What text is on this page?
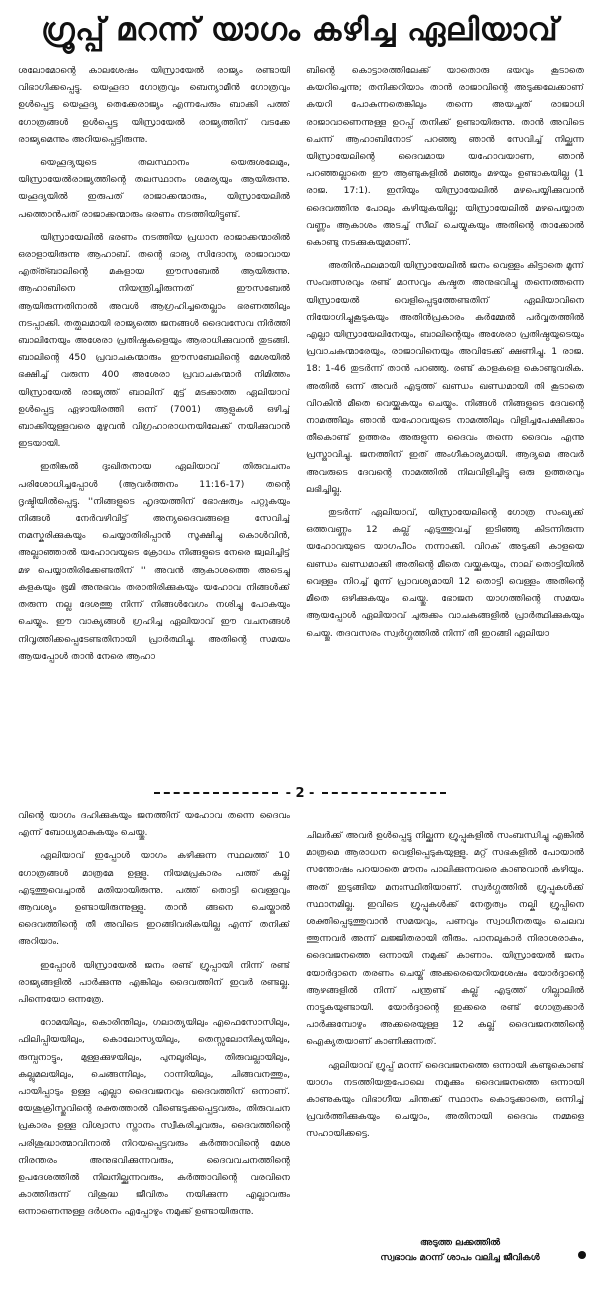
ഗ്രൂപ്പ് മറന്ന് യാഗം കഴിച്ച ഏലിയാവ്

ശലോമോന്റെ കാലശേഷം യിസ്രായേൽ രാജ്യം രണ്ടായി വിഭാഗിക്കപ്പെട്ടു. യെഹൂദാ ഗോത്രവും ബെന്യാമീൻ ഗോത്രവും ഉൾപ്പെട്ട യെഹൂദ്യ തെക്കേരാജ്യം എന്നപേരും ബാക്കി പത്ത് ഗോത്രങ്ങൾ ഉൾപ്പെട്ട യിസ്രായേൽ രാജ്യത്തിന് വടക്കേ രാജ്യമെന്നും അറിയപ്പെട്ടിരുന്നു.

യെഹൂദ്യയുടെ തലസ്ഥാനം യെരുശലേമും, യിസ്രായേൽരാജ്യത്തിന്റെ തലസ്ഥാനം ശമര്യയും ആയിരുന്നു. യഹൂദ്യയിൽ ഇരുപത് രാജാക്കന്മാരും, യിസ്രായേലിൽ പത്തൊൻപത് രാജാക്കന്മാരും ഭരണം നടത്തിയിട്ടുണ്ട്.

യിസ്രായേലിൽ ഭരണം നടത്തിയ പ്രധാന രാജാക്കന്മാരിൽ ഒരാളായിരുന്നു ആഹാബ്. തന്റെ ഭാര്യ സിദോന്യ രാജാവായ എത്ത്ബാലിന്റെ മകളായ ഈസബേൽ ആയിരുന്നു. ആഹാബിനെ നിയന്ത്രിച്ചിരുന്നത് ഈസബേൽ ആയിരുന്നതിനാൽ അവൾ ആഗ്രഹിച്ചതെല്ലാം ഭരണത്തിലും നടപ്പാക്കി. തത്ഫലമായി രാജ്യത്തെ ജനങ്ങൾ ദൈവസേവ നിർത്തി ബാലിനേയും അശേരാ പ്രതിഷ്ഠകളെയും ആരാധിക്കുവാൻ തുടങ്ങി. ബാലിന്റെ 450 പ്രവാചകന്മാരും ഈസബേലിന്റെ മേശയിൽ ഭക്ഷിച്ച് വരുന്ന 400 അശേരാ പ്രവാചകന്മാർ നിമിത്തം യിസ്രായേൽ രാജ്യത്ത് ബാലിന് മുട്ട് മടക്കാത്ത ഏലിയാവ് ഉൾപ്പെട്ട ഏഴായിരത്തി ഒന്ന് (7001) ആളുകൾ ഒഴിച്ച് ബാക്കിയുള്ളവരെ മുഴുവൻ വിഗ്രഹാരാധനയിലേക്ക് നയിക്കുവാൻ ഇടയായി.

ഇതിങ്കൽ ദുഃഖിതനായ ഏലിയാവ് തിരുവചനം പരിശോധിച്ചപ്പോൾ (ആവർത്തനം 11:16-17) തന്റെ ദൃഷ്ടിയിൽപ്പെട്ടു. ''നിങ്ങളുടെ ഹൃദയത്തിന് ഭോഷത്വം പറ്റുകയും നിങ്ങൾ നേർവഴിവിട്ട് അന്യദൈവങ്ങളെ സേവിച്ച് നമസ്കരിക്കുകയും ചെയ്യാതിരിപ്പാൻ സൂക്ഷിച്ചു കൊൾവിൻ, അല്ലാഞ്ഞാൽ യഹോവയുടെ ക്രോധം നിങ്ങളുടെ നേരെ ജ്വലിച്ചിട്ട് മഴ പെയ്യാതിരിക്കേണ്ടതിന് '' അവൻ ആകാശത്തെ അടെച്ചു കളകയും ഭൂമി അനുഭവം തരാതിരിക്കുകയും യഹോവ നിങ്ങൾക്ക് തരുന്ന നല്ല ദേശത്തു നിന്ന് നിങ്ങൾവേഗം നശിച്ചു പോകയും ചെയ്യും. ഈ വാക്യങ്ങൾ ഗ്രഹിച്ച ഏലിയാവ് ഈ വചനങ്ങൾ നിവൃത്തിക്കപ്പെടേണ്ടതിനായി പ്രാർത്ഥിച്ചു. അതിന്റെ സമയം ആയപ്പോൾ താൻ നേരെ ആഹാ

ബിന്റെ കൊട്ടാരത്തിലേക്ക് യാതൊരു ഭയവും കൂടാതെ കയറിച്ചെന്നു; തനിക്കറിയാം താൻ രാജാവിന്റെ അടുക്കലേക്കാണ് കയറി പോകുന്നതെങ്കിലും തന്നെ അയച്ചത് രാജാധി രാജാവാണെന്നുള്ള ഉറപ്പ് തനിക്ക് ഉണ്ടായിരുന്നു. താൻ അവിടെ ചെന്ന് ആഹാബിനോട് പറഞ്ഞു ഞാൻ സേവിച്ച് നില്ക്കുന്ന യിസ്രായേലിന്റെ ദൈവമായ യഹോവയാണ, ഞാൻ പറഞ്ഞല്ലാതെ ഈ ആണ്ടുകളിൽ മഞ്ഞും മഴയും ഉണ്ടാകയില്ല (1 രാജ. 17:1). ഇനിയും യിസ്രായേലിൽ മഴപെയ്യിക്കുവാൻ ദൈവത്തിനു പോലും കഴിയുകയില്ല; യിസ്രായേലിൽ മഴപെയ്യാത വണ്ണം ആകാശം അടച്ച് സീല് ചെയ്യുകയും അതിന്റെ താക്കോൽ കൊണ്ടു നടക്കുകയുമാണ്.

അതിൻഫലമായി യിസ്രായേലിൽ ജനം വെള്ളം കിട്ടാതെ മൂന്ന് സംവത്സരവും രണ്ട് മാസവും കഷ്ടത അനുഭവിച്ചു തന്നെത്തന്നെ യിസ്രായേൽ വെളിപ്പെടുത്തേണ്ടതിന് ഏലിയാവിനെ നിയോഗിച്ചുകൂടുകയും അതിൻപ്രകാരം കർമ്മേൽ പർവ്വതത്തിൽ എല്ലാ യിസ്രായേലിനേയും, ബാലിന്റെയും അശേരാ പ്രതിഷ്ഠയുടെയും പ്രവാചകന്മാരേയും, രാജാവിനെയും അവിടേക്ക് ക്ഷണിച്ചു. 1 രാജ. 18: 1-46 തുടർന്ന് താൻ പറഞ്ഞു. രണ്ട് കാളകളെ കൊണ്ടുവരിക. അതിൽ ഒന്ന് അവർ എടുത്ത് ഖണ്ഡം ഖണ്ഡമായി തി കൂടാതെ വിറകിൻ മീതെ വെയ്ക്കുകയും ചെയ്യും. നിങ്ങൾ നിങ്ങളുടെ ദേവന്റെ നാമത്തിലും ഞാൻ യഹോവയുടെ നാമത്തിലും വിളിച്ചപേക്ഷിക്കാം തീകൊണ്ട് ഉത്തരം അരുളുന്ന ദൈവം തന്നെ ദൈവം എന്നു പ്രസ്താവിച്ചു. ജനത്തിന് ഇത് അംഗീകാര്യമായി. ആദ്യമെ അവർ അവരുടെ ദേവന്റെ നാമത്തിൽ നിലവിളിച്ചിട്ടു ഒരു ഉത്തരവും ലഭിച്ചില്ല.

തുടർന്ന് ഏലിയാവ്, യിസ്രായേലിന്റെ ഗോത്ര സംഖ്യക്ക് ഒത്തവണ്ണം 12 കല്ല് എടുത്തുവച്ച് ഇടിഞ്ഞു കിടന്നിരുന്ന യഹോവയുടെ യാഗപീഠം നന്നാക്കി. വിറക് അടുക്കി കാളയെ ഖണ്ഡം ഖണ്ഡമാക്കി അതിന്റെ മീതെ വയ്ക്കുകയും, നാല് തൊട്ടിയിൽ വെള്ളം നിറച്ച് മൂന്ന് പ്രാവശ്യമായി 12 തൊട്ടി വെള്ളം അതിന്റെ മീതെ ഒഴിക്കുകയും ചെയ്തു. ഭോജന യാഗത്തിന്റെ സമയം ആയപ്പോൾ ഏലിയാവ് ചുരുക്കം വാചകങ്ങളിൽ പ്രാർത്ഥിക്കുകയും ചെയ്തു. തദവസരം സ്വർഗ്ഗത്തിൽ നിന്ന് തീ ഇറങ്ങി ഏലിയാ

- 2 -

വിന്റെ യാഗം ദഹിക്കുകയും ജനത്തിന് യഹോവ തന്നെ ദൈവം എന്ന് ബോധ്യമാകുകയും ചെയ്തു.

ഏലിയാവ് ഇപ്പോൾ യാഗം കഴിക്കുന്ന സ്ഥലത്ത് 10 ഗോത്രങ്ങൾ മാത്രമേ ഉള്ളു. നിയമപ്രകാരം പത്ത് കല്ല് എടുത്തുവെച്ചാൽ മതിയായിരുന്നു. പത്ത് തൊട്ടി വെള്ളവും ആവശ്യം ഉണ്ടായിരുന്നുള്ളു. താൻ ങ്ങനെ ചെയ്താൽ ദൈവത്തിന്റെ തീ അവിടെ ഇറങ്ങിവരികയില്ല എന്ന് തനിക്ക് അറിയാം.

ഇപ്പോൾ യിസ്രായേൽ ജനം രണ്ട് ഗ്രൂപ്പായി നിന്ന് രണ്ട് രാജ്യങ്ങളിൽ പാർക്കുന്നു എങ്കിലും ദൈവത്തിന് ഇവർ രണ്ടല്ല. പിന്നെയോ ഒന്നത്രേ.

റോമയിലും, കൊരിന്തിലും, ഗലാത്യയിലും എഫെസോസിലും, ഫിലിപ്പിയയിലും, കൊലോസ്യയിലും, തെസ്സലോനിക്യയിലും, രുമ്പ്പനാട്ടും, മുള്ളക്കുഴയിലും, പുനലൂരിലും, തിരുവല്ലായിലും, കല്ലുമലയിലും, ചെങ്ങന്നിലും, റാന്നിയിലും, ചിങ്ങവനത്തും, പായിപ്പാടും ഉള്ള എല്ലാ ദൈവജനവും ദൈവത്തിന് ഒന്നാണ്. യേശുക്രിസ്തുവിന്റെ രക്തത്താൽ വീണ്ടെടുക്കപ്പെട്ടവരും, തിരുവചന പ്രകാരം ഉള്ള വിശ്വാസ സ്നാനം സ്വീകരിച്ചവരും, ദൈവത്തിന്റെ പരിശുദ്ധാത്മാവിനാൽ നിറയപ്പെട്ടവരും കർത്താവിന്റെ മേശ നിരന്തരം അനുഭവിക്കുന്നവരും, ദൈവവചനത്തിന്റെ ഉപദേശത്തിൽ നിലനില്ക്കുന്നവരും, കർത്താവിന്റെ വരവിനെ കാത്തിരുന്ന് വിശുദ്ധ ജീവിതം നയിക്കുന്ന എല്ലാവരും ഒന്നാണെന്നുള്ള ദർശനം എപ്പോഴും നമുക്ക് ഉണ്ടായിരുന്നു.

ചിലർക്ക് അവർ ഉൾപ്പെട്ടു നില്ക്കുന്ന ഗ്രൂപ്പുകളിൽ സംബന്ധിച്ചു എങ്കിൽ മാത്രമെ ആരാധന വെളിപ്പെടുകയുള്ളു. മറ്റ് സഭകളിൽ പോയാൽ സന്തോഷം പറയാതെ മൗനം പാലിക്കുന്നവരെ കാണുവാൻ കഴിയും. അത് ഇടുങ്ങിയ മനഃസ്ഥിതിയാണ്. സ്വർഗ്ഗത്തിൽ ഗ്രൂപ്പുകൾക്ക് സ്ഥാനമില്ല. ഇവിടെ ഗ്രൂപ്പുകൾക്ക് നേതൃത്വം നല്കി ഗ്രൂപ്പിനെ ശക്തിപ്പെടുത്തുവാൻ സമയവും, പണവും സ്വാധീനതയും ചെലവ ത്തുന്നവർ അന്ന് ലജ്ജിതരായി തീരും. പാനലുകാർ നിരാശരാകും, ദൈവജനത്തെ ഒന്നായി നമുക്ക് കാണാം. യിസ്രായേൽ ജനം യോർദ്ദാനെ തരണം ചെയ്ത് അക്കരെയെറിയശേഷം യോർദ്ദാന്റെ ആഴങ്ങളിൽ നിന്ന് പന്ത്രണ്ട് കല്ല് എടുത്ത് ഗില്ഗാലിൽ നാട്ടുകയുണ്ടായി. യോർദ്ദാന്റെ ഇക്കരെ രണ്ട് ഗോത്രക്കാർ പാർക്കുമ്പോഴും അക്കരെയുള്ള 12 കല്ല് ദൈവജനത്തിന്റെ ഐക്യതയാണ് കാണിക്കുന്നത്.

ഏലിയാവ് ഗ്രൂപ്പ് മറന്ന് ദൈവജനത്തെ ഒന്നായി കണ്ടുകൊണ്ട് യാഗം നടത്തിയതുപോലെ നമുക്കും ദൈവജനത്തെ ഒന്നായി കാണുകയും വിഭാഗീയ ചിന്തക്ക് സ്ഥാനം കൊടുക്കാതെ, ഒന്നിച്ച് പ്രവർത്തിക്കുകയും ചെയ്യാം, അതിനായി ദൈവം നമ്മളെ സഹായിക്കട്ടെ.

അടുത്ത ലക്കത്തിൽ
സ്വഭാവം മറന്ന് ശാപം വലിച്ച ജീവികൾ
